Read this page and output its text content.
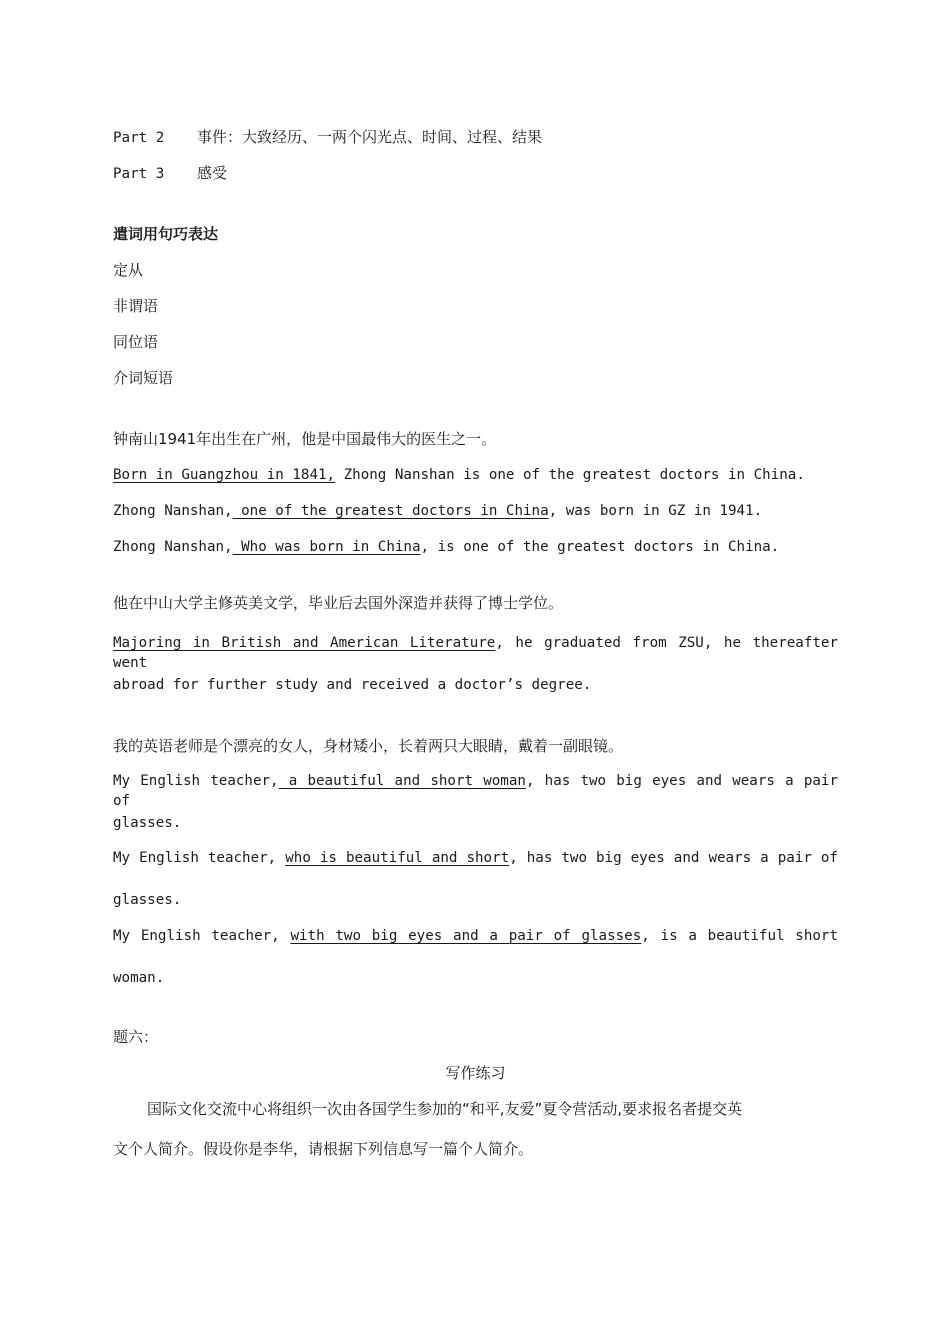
Part 2 事件：大致经历、一两个闪光点、时间、过程、结果
Part 3 感受
遣词用句巧表达
定从
非谓语
同位语
介词短语
钟南山1941年出生在广州，他是中国最伟大的医生之一。
Born in Guangzhou in 1841, Zhong Nanshan is one of the greatest doctors in China.
Zhong Nanshan, one of the greatest doctors in China, was born in GZ in 1941.
Zhong Nanshan, Who was born in China, is one of the greatest doctors in China.
他在中山大学主修英美文学，毕业后去国外深造并获得了博士学位。
Majoring in British and American Literature, he graduated from ZSU, he thereafter went
abroad for further study and received a doctor’s degree.
我的英语老师是个漂亮的女人，身材矮小，长着两只大眼睛，戴着一副眼镜。
My English teacher, a beautiful and short woman, has two big eyes and wears a pair of
glasses.
My English teacher, who is beautiful and short, has two big eyes and wears a pair of
glasses.
My English teacher, with two big eyes and a pair of glasses, is a beautiful short
woman.
题六：
写作练习
国际文化交流中心将组织一次由各国学生参加的“和平,友爱”夏令营活动,要求报名者提交英
文个人简介。假设你是李华，请根据下列信息写一篇个人简介。
